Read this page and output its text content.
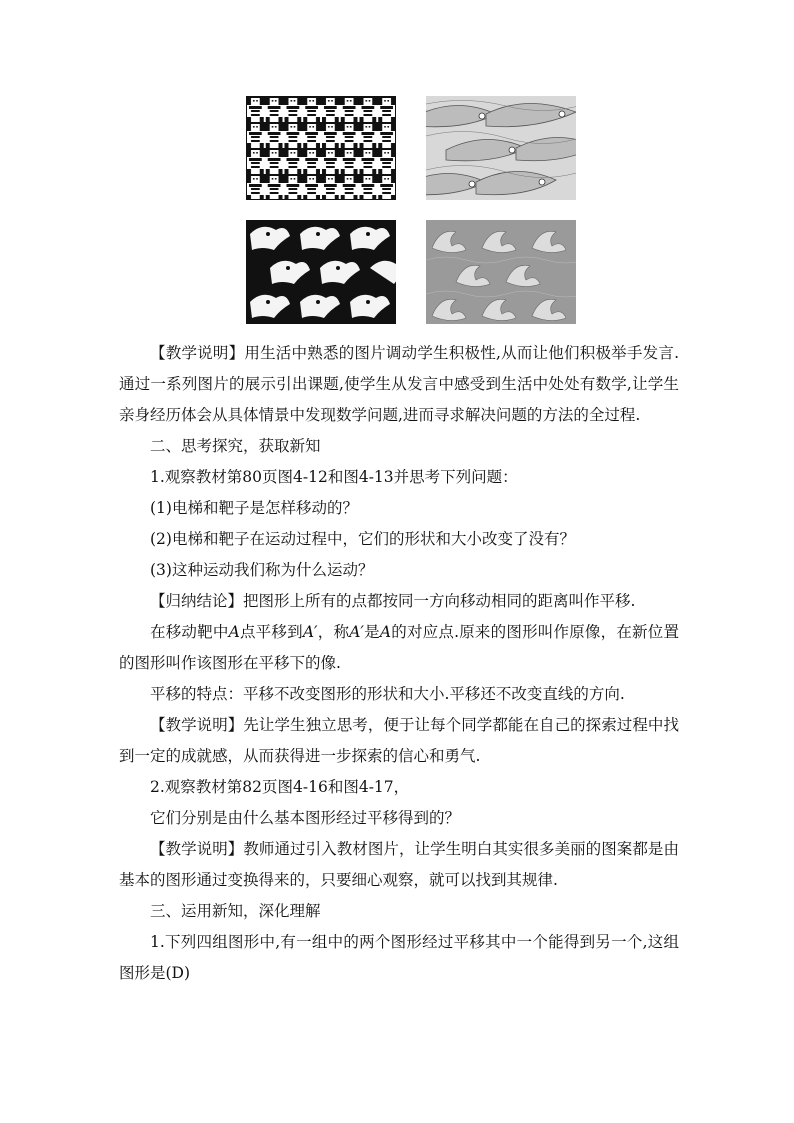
【教学说明】用生活中熟悉的图片调动学生积极性,从而让他们积极举手发言.通过一系列图片的展示引出课题,使学生从发言中感受到生活中处处有数学,让学生亲身经历体会从具体情景中发现数学问题,进而寻求解决问题的方法的全过程.

二、思考探究，获取新知

1.观察教材第80页图4-12和图4-13并思考下列问题：

(1)电梯和靶子是怎样移动的？

(2)电梯和靶子在运动过程中，它们的形状和大小改变了没有？

(3)这种运动我们称为什么运动？

【归纳结论】把图形上所有的点都按同一方向移动相同的距离叫作平移.

在移动靶中A点平移到A′，称A′是A的对应点.原来的图形叫作原像，在新位置的图形叫作该图形在平移下的像.

平移的特点：平移不改变图形的形状和大小.平移还不改变直线的方向.

【教学说明】先让学生独立思考，便于让每个同学都能在自己的探索过程中找到一定的成就感，从而获得进一步探索的信心和勇气.

2.观察教材第82页图4-16和图4-17，

它们分别是由什么基本图形经过平移得到的？

【教学说明】教师通过引入教材图片，让学生明白其实很多美丽的图案都是由基本的图形通过变换得来的，只要细心观察，就可以找到其规律.

三、运用新知，深化理解

1.下列四组图形中,有一组中的两个图形经过平移其中一个能得到另一个,这组图形是(D)
